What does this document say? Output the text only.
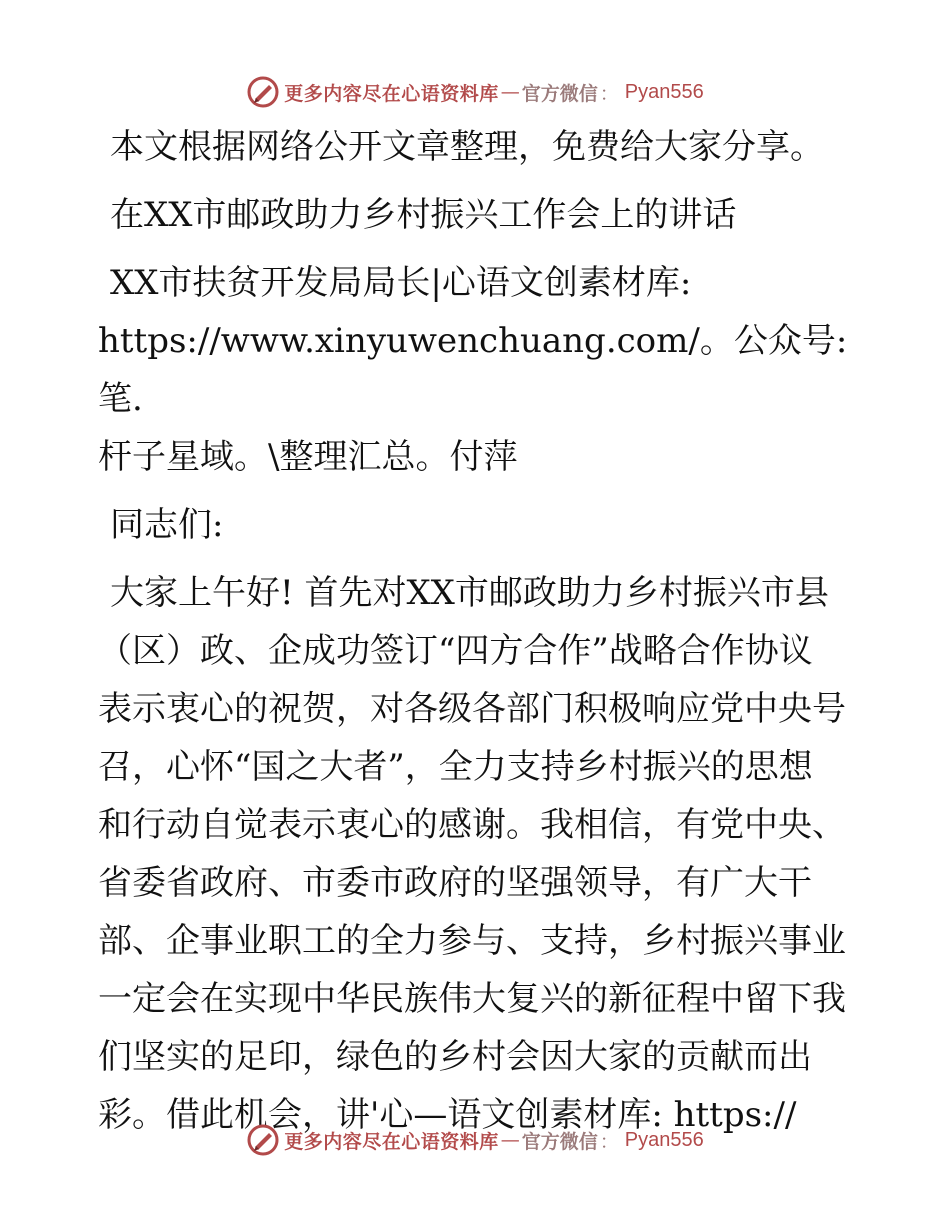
更多内容尽在心语资料库 — 官方微信 ： Pyan556

本文根据网络公开文章整理，免费给大家分享。

在XX市邮政助力乡村振兴工作会上的讲话

XX市扶贫开发局局长|心语文创素材库:

https://www.xinyuwenchuang.com/。公众号: 笔.

杆子星域。\整理汇总。付萍

同志们:

大家上午好! 首先对XX市邮政助力乡村振兴市县

（区）政、企成功签订“四方合作”战略合作协议

表示衷心的祝贺，对各级各部门积极响应党中央号

召，心怀“国之大者”，全力支持乡村振兴的思想

和行动自觉表示衷心的感谢。我相信，有党中央、

省委省政府、市委市政府的坚强领导，有广大干

部、企事业职工的全力参与、支持，乡村振兴事业

一定会在实现中华民族伟大复兴的新征程中留下我

们坚实的足印，绿色的乡村会因大家的贡献而出

彩。借此机会，讲'心—语文创素材库: https://

更多内容尽在心语资料库 — 官方微信 ： Pyan556
